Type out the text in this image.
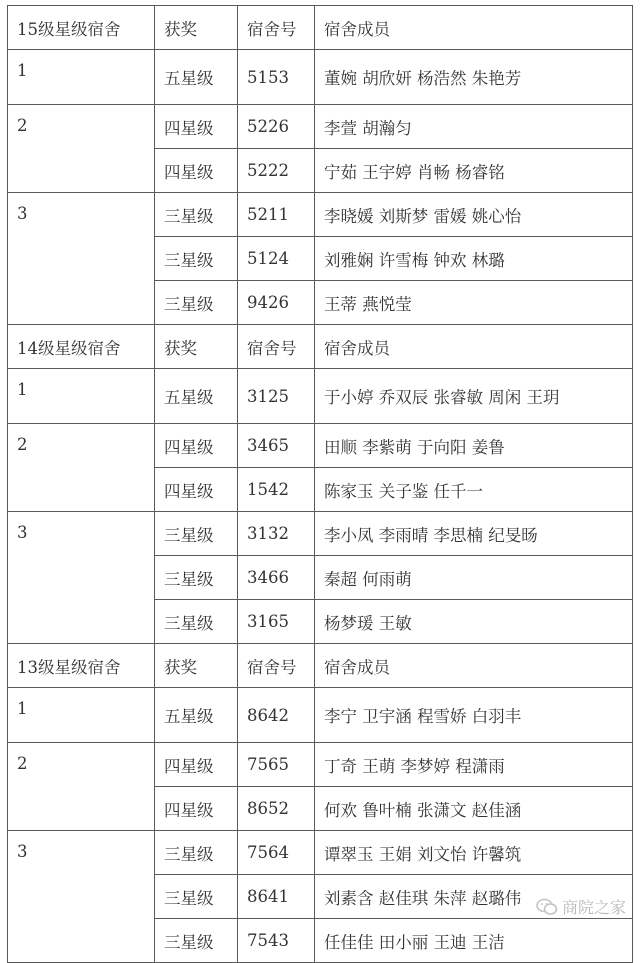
15级星级宿舍	获奖	宿舍号	宿舍成员
1	五星级	5153	董婉 胡欣妍 杨浩然 朱艳芳
2	四星级	5226	李萱 胡瀚匀
	四星级	5222	宁茹 王宇婷 肖畅 杨睿铭
3	三星级	5211	李晓媛 刘斯梦 雷媛 姚心怡
	三星级	5124	刘雅娴 许雪梅 钟欢 林璐
	三星级	9426	王蒂 燕悦莹
14级星级宿舍	获奖	宿舍号	宿舍成员
1	五星级	3125	于小婷 乔双辰 张睿敏 周闲 王玥
2	四星级	3465	田顺 李紫萌 于向阳 姜鲁
	四星级	1542	陈家玉 关子鉴 任千一
3	三星级	3132	李小凤 李雨晴 李思楠 纪旻旸
	三星级	3466	秦超 何雨萌
	三星级	3165	杨梦瑗 王敏
13级星级宿舍	获奖	宿舍号	宿舍成员
1	五星级	8642	李宁 卫宇涵 程雪娇 白羽丰
2	四星级	7565	丁奇 王萌 李梦婷 程潇雨
	四星级	8652	何欢 鲁叶楠 张潇文 赵佳涵
3	三星级	7564	谭翠玉 王娟 刘文怡 许馨筑
	三星级	8641	刘素含 赵佳琪 朱萍 赵璐伟
	三星级	7543	任佳佳 田小丽 王迪 王洁
商院之家
